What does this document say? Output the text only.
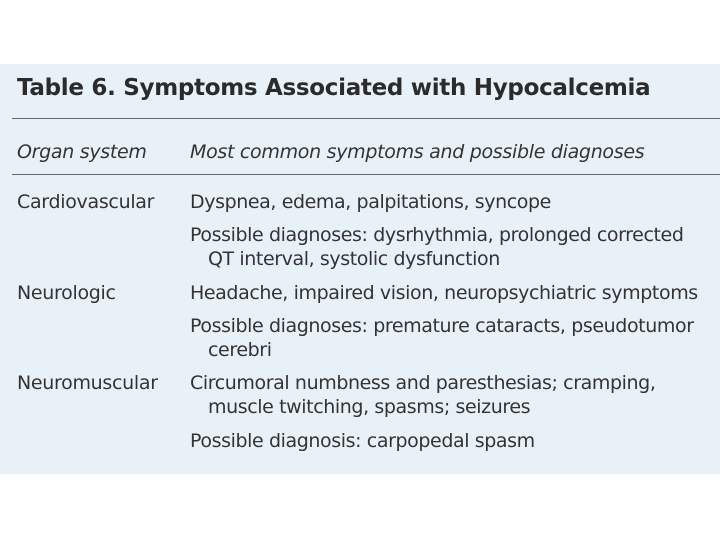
Table 6. Symptoms Associated with Hypocalcemia
Organ system Most common symptoms and possible diagnoses
Cardiovascular Dyspnea, edema, palpitations, syncope
Possible diagnoses: dysrhythmia, prolonged corrected
QT interval, systolic dysfunction
Neurologic	Headache, impaired vision, neuropsychiatric symptoms
Possible diagnoses: premature cataracts, pseudotumor
cerebri
Neuromuscular Circumoral numbness and paresthesias; cramping,
muscle twitching, spasms; seizures
Possible diagnosis: carpopedal spasm
